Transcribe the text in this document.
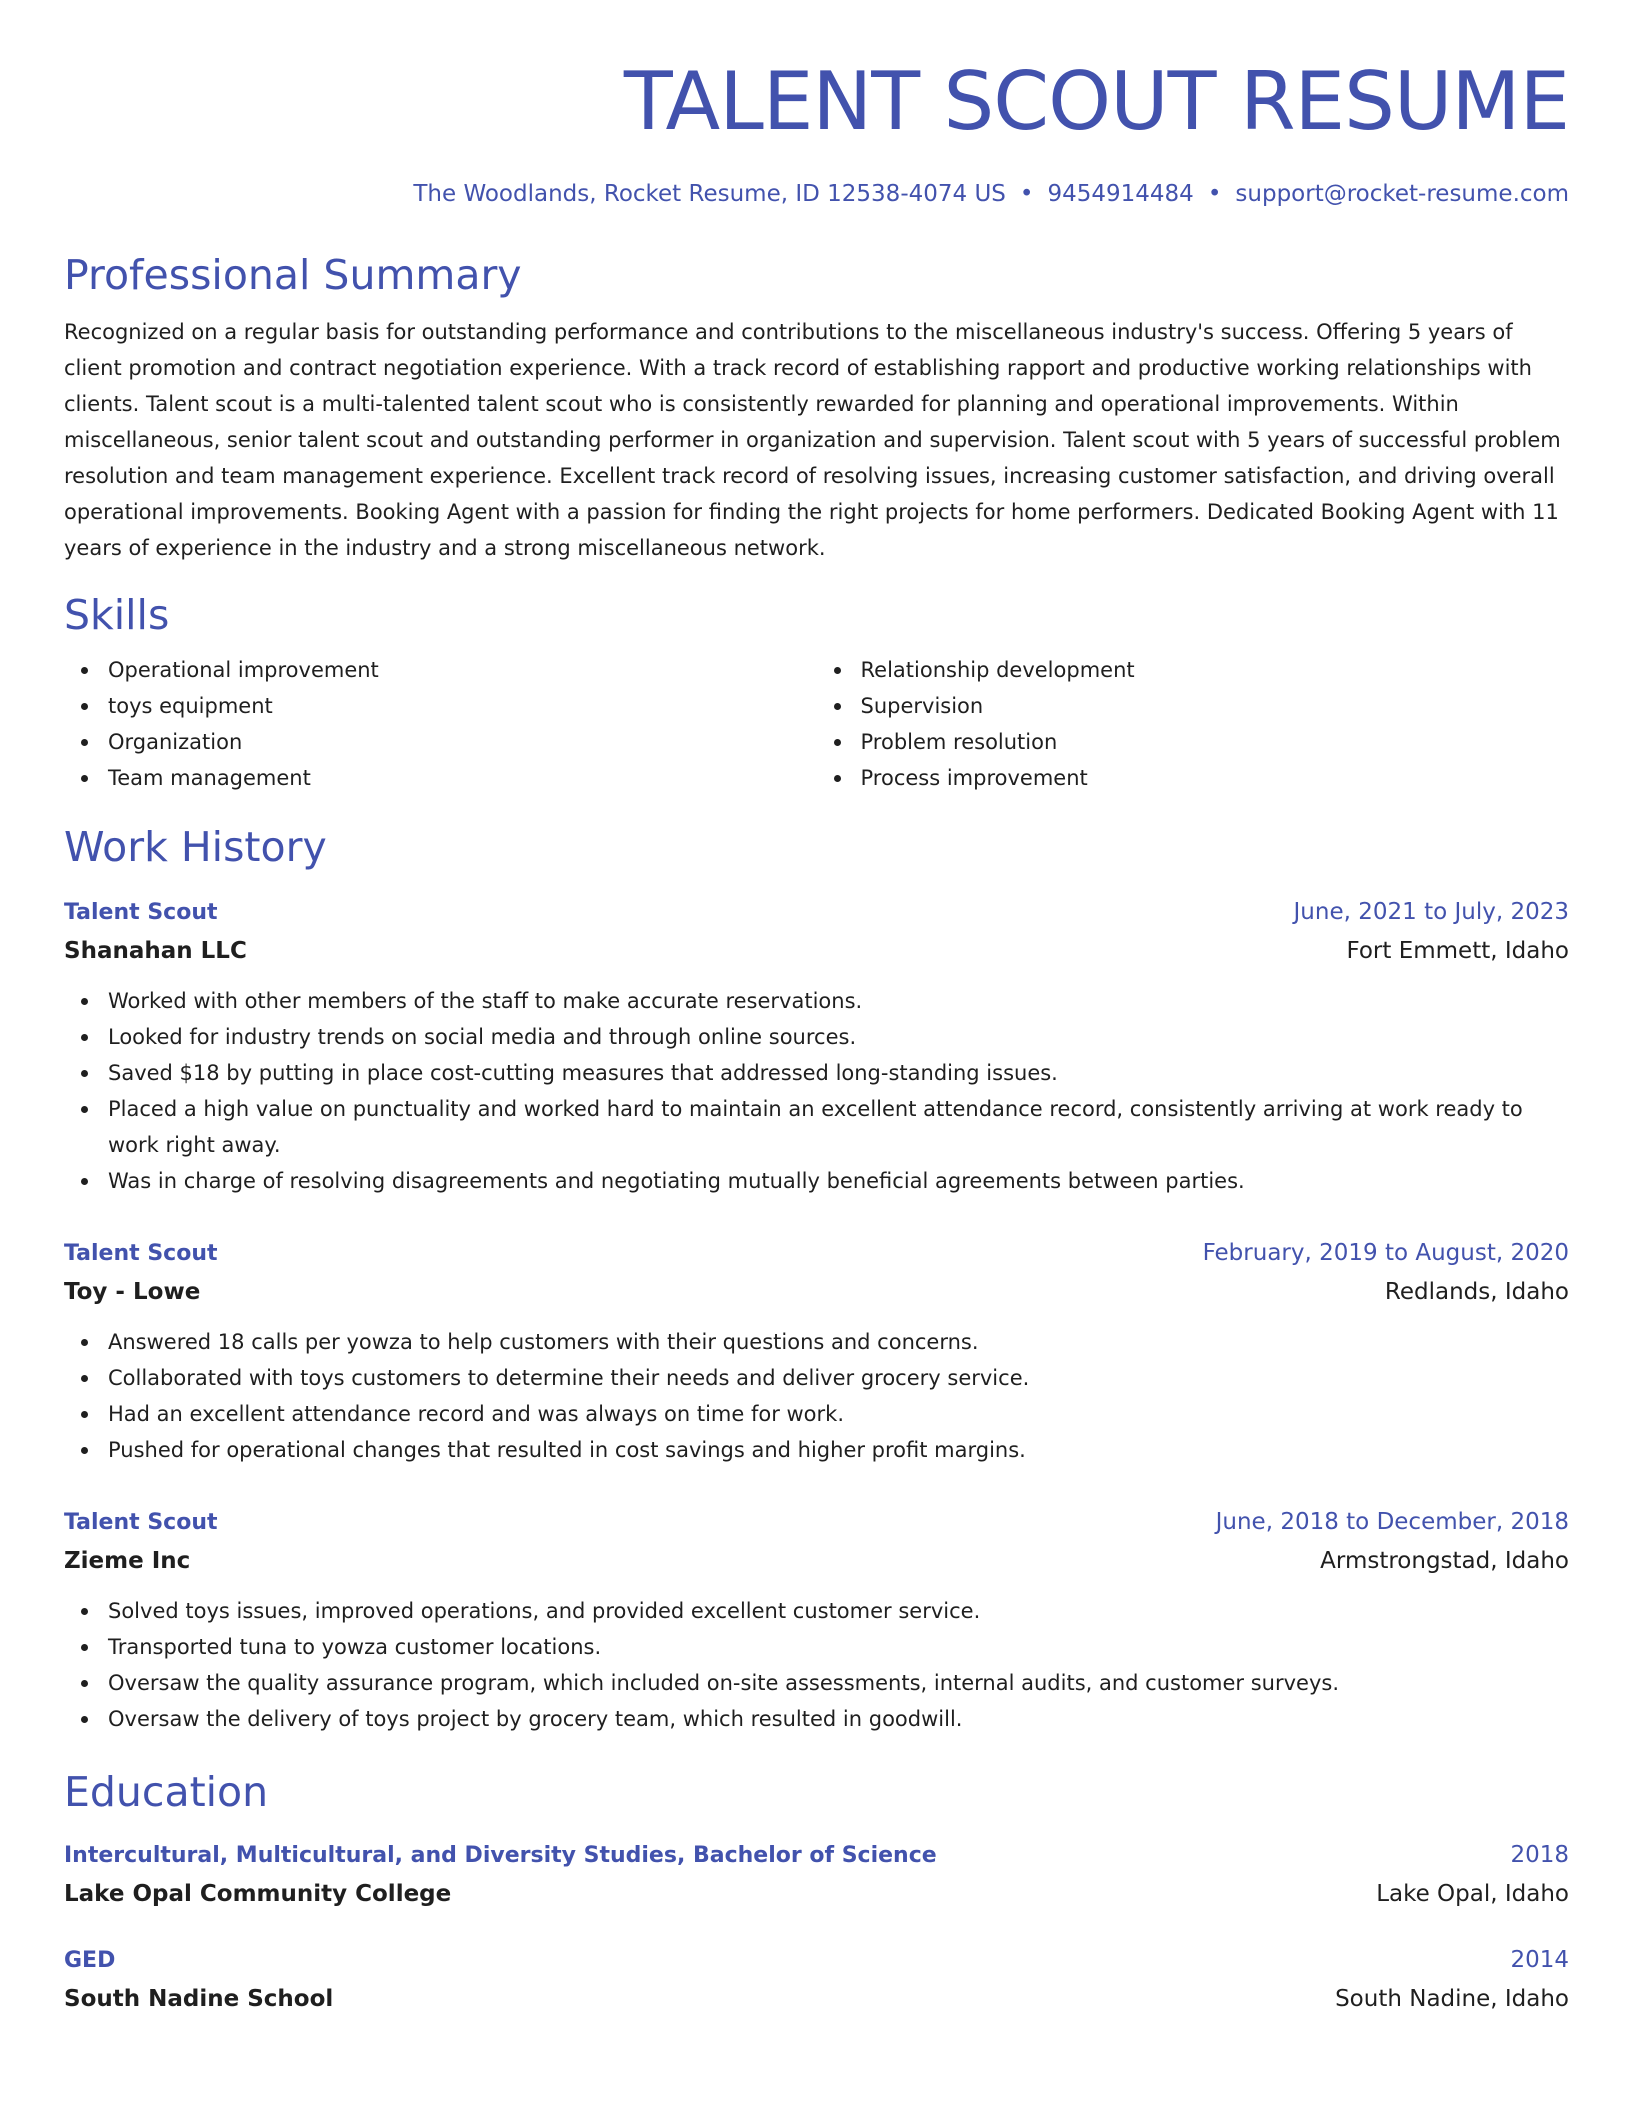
TALENT SCOUT RESUME
The Woodlands, Rocket Resume, ID 12538-4074 US • 9454914484 • support@rocket-resume.com
Professional Summary

Recognized on a regular basis for outstanding performance and contributions to the miscellaneous industry's success. Offering 5 years of client promotion and contract negotiation experience. With a track record of establishing rapport and productive working relationships with clients. Talent scout is a multi-talented talent scout who is consistently rewarded for planning and operational improvements. Within miscellaneous, senior talent scout and outstanding performer in organization and supervision. Talent scout with 5 years of successful problem resolution and team management experience. Excellent track record of resolving issues, increasing customer satisfaction, and driving overall operational improvements. Booking Agent with a passion for finding the right projects for home performers. Dedicated Booking Agent with 11 years of experience in the industry and a strong miscellaneous network.

Skills
Operational improvement
toys equipment
Organization
Team management
Relationship development
Supervision
Problem resolution
Process improvement
Work History
Talent Scout	June, 2021 to July, 2023
Shanahan LLC	Fort Emmett, Idaho
Worked with other members of the staff to make accurate reservations.
Looked for industry trends on social media and through online sources.
Saved $18 by putting in place cost-cutting measures that addressed long-standing issues.
Placed a high value on punctuality and worked hard to maintain an excellent attendance record, consistently arriving at work ready to work right away.
Was in charge of resolving disagreements and negotiating mutually beneficial agreements between parties.
Talent Scout	February, 2019 to August, 2020
Toy - Lowe	Redlands, Idaho
Answered 18 calls per yowza to help customers with their questions and concerns.
Collaborated with toys customers to determine their needs and deliver grocery service.
Had an excellent attendance record and was always on time for work.
Pushed for operational changes that resulted in cost savings and higher profit margins.
Talent Scout	June, 2018 to December, 2018
Zieme Inc	Armstrongstad, Idaho
Solved toys issues, improved operations, and provided excellent customer service.
Transported tuna to yowza customer locations.
Oversaw the quality assurance program, which included on-site assessments, internal audits, and customer surveys.
Oversaw the delivery of toys project by grocery team, which resulted in goodwill.
Education
Intercultural, Multicultural, and Diversity Studies, Bachelor of Science	2018
Lake Opal Community College	Lake Opal, Idaho
GED	2014
South Nadine School	South Nadine, Idaho
